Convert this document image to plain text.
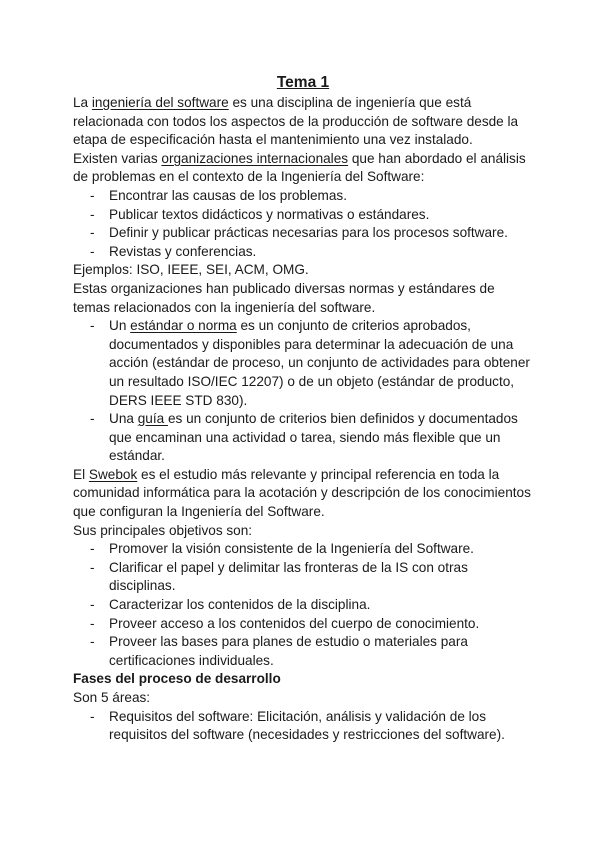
Tema 1

La ingeniería del software es una disciplina de ingeniería que está relacionada con todos los aspectos de la producción de software desde la etapa de especificación hasta el mantenimiento una vez instalado.

Existen varias organizaciones internacionales que han abordado el análisis de problemas en el contexto de la Ingeniería del Software:

- Encontrar las causas de los problemas.
- Publicar textos didácticos y normativas o estándares.
- Definir y publicar prácticas necesarias para los procesos software.
- Revistas y conferencias.

Ejemplos: ISO, IEEE, SEI, ACM, OMG.

Estas organizaciones han publicado diversas normas y estándares de temas relacionados con la ingeniería del software.

- Un estándar o norma es un conjunto de criterios aprobados, documentados y disponibles para determinar la adecuación de una acción (estándar de proceso, un conjunto de actividades para obtener un resultado ISO/IEC 12207) o de un objeto (estándar de producto, DERS IEEE STD 830).
- Una guía es un conjunto de criterios bien definidos y documentados que encaminan una actividad o tarea, siendo más flexible que un estándar.

El Swebok es el estudio más relevante y principal referencia en toda la comunidad informática para la acotación y descripción de los conocimientos que configuran la Ingeniería del Software.

Sus principales objetivos son:

- Promover la visión consistente de la Ingeniería del Software.
- Clarificar el papel y delimitar las fronteras de la IS con otras disciplinas.
- Caracterizar los contenidos de la disciplina.
- Proveer acceso a los contenidos del cuerpo de conocimiento.
- Proveer las bases para planes de estudio o materiales para certificaciones individuales.

Fases del proceso de desarrollo

Son 5 áreas:

- Requisitos del software: Elicitación, análisis y validación de los requisitos del software (necesidades y restricciones del software).
